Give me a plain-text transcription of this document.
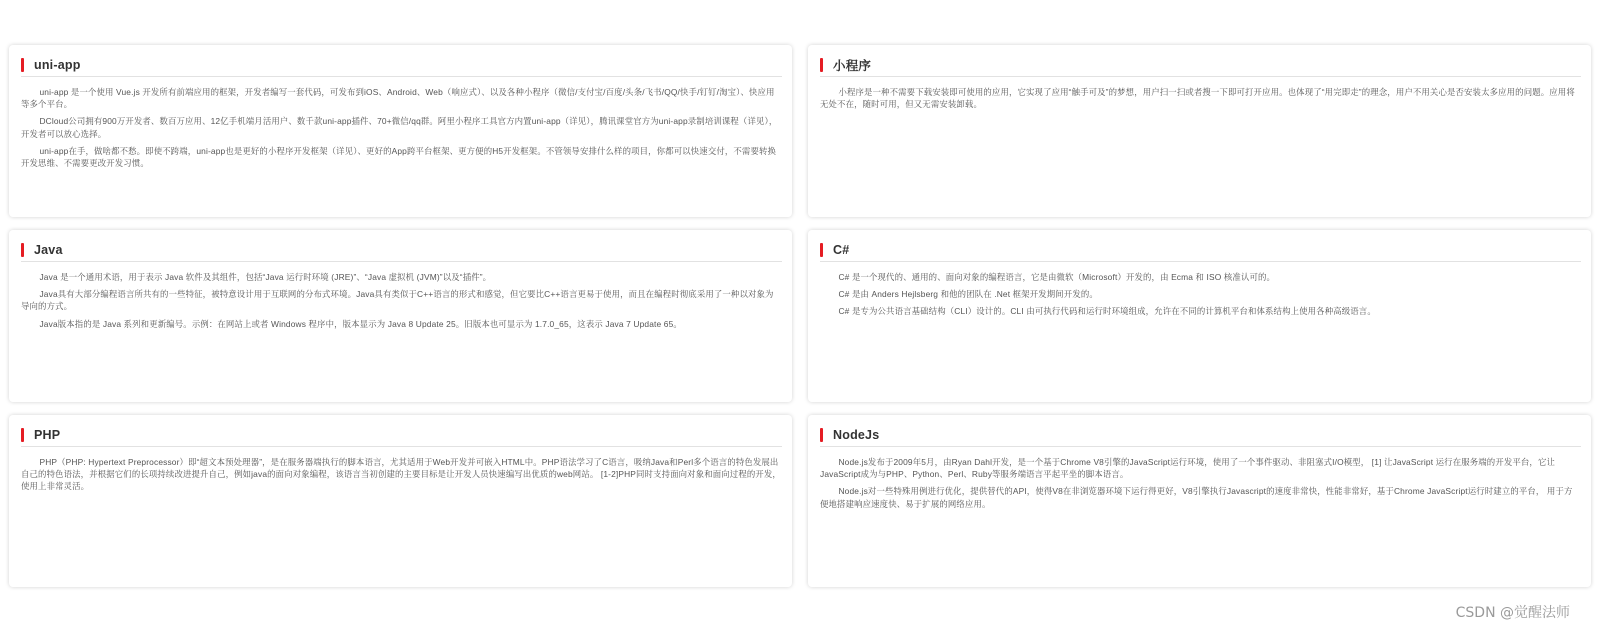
uni-app

uni-app 是一个使用 Vue.js 开发所有前端应用的框架，开发者编写一套代码，可发布到iOS、Android、Web（响应式）、以及各种小程序（微信/支付宝/百度/头条/飞书/QQ/快手/钉钉/淘宝）、快应用等多个平台。

DCloud公司拥有900万开发者、数百万应用、12亿手机端月活用户、数千款uni-app插件、70+微信/qq群。阿里小程序工具官方内置uni-app（详见），腾讯课堂官方为uni-app录制培训课程（详见），开发者可以放心选择。

uni-app在手，做啥都不愁。即使不跨端，uni-app也是更好的小程序开发框架（详见）、更好的App跨平台框架、更方便的H5开发框架。不管领导安排什么样的项目，你都可以快速交付，不需要转换开发思维、不需要更改开发习惯。

小程序

小程序是一种不需要下载安装即可使用的应用，它实现了应用“触手可及”的梦想，用户扫一扫或者搜一下即可打开应用。也体现了“用完即走”的理念，用户不用关心是否安装太多应用的问题。应用将无处不在，随时可用，但又无需安装卸载。

Java

Java 是一个通用术语，用于表示 Java 软件及其组件，包括“Java 运行时环境 (JRE)”、“Java 虚拟机 (JVM)”以及“插件”。

Java具有大部分编程语言所共有的一些特征，被特意设计用于互联网的分布式环境。Java具有类似于C++语言的形式和感觉，但它要比C++语言更易于使用，而且在编程时彻底采用了一种以对象为导向的方式。

Java版本指的是 Java 系列和更新编号。示例：在网站上或者 Windows 程序中，版本显示为 Java 8 Update 25。旧版本也可显示为 1.7.0_65，这表示 Java 7 Update 65。

C#

C# 是一个现代的、通用的、面向对象的编程语言，它是由微软（Microsoft）开发的，由 Ecma 和 ISO 核准认可的。

C# 是由 Anders Hejlsberg 和他的团队在 .Net 框架开发期间开发的。

C# 是专为公共语言基础结构（CLI）设计的。CLI 由可执行代码和运行时环境组成，允许在不同的计算机平台和体系结构上使用各种高级语言。

PHP

PHP（PHP: Hypertext Preprocessor）即“超文本预处理器”，是在服务器端执行的脚本语言，尤其适用于Web开发并可嵌入HTML中。PHP语法学习了C语言，吸纳Java和Perl多个语言的特色发展出自己的特色语法，并根据它们的长项持续改进提升自己，例如java的面向对象编程，该语言当初创建的主要目标是让开发人员快速编写出优质的web网站。 [1-2]PHP同时支持面向对象和面向过程的开发，使用上非常灵活。

NodeJs

Node.js发布于2009年5月，由Ryan Dahl开发，是一个基于Chrome V8引擎的JavaScript运行环境，使用了一个事件驱动、非阻塞式I/O模型， [1] 让JavaScript 运行在服务端的开发平台，它让JavaScript成为与PHP、Python、Perl、Ruby等服务端语言平起平坐的脚本语言。

Node.js对一些特殊用例进行优化，提供替代的API，使得V8在非浏览器环境下运行得更好，V8引擎执行Javascript的速度非常快，性能非常好，基于Chrome JavaScript运行时建立的平台， 用于方便地搭建响应速度快、易于扩展的网络应用。

CSDN @觉醒法师
